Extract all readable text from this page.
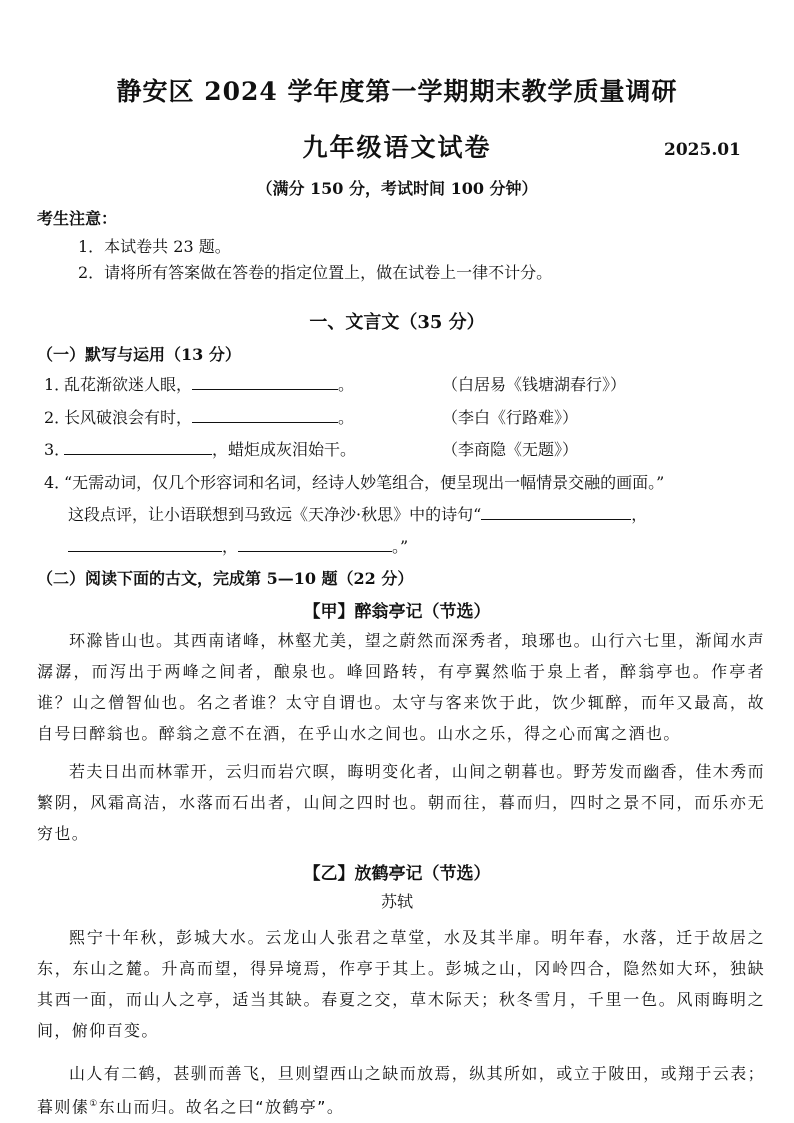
静安区 2024 学年度第一学期期末教学质量调研
九年级语文试卷	2025.01
（满分 150 分，考试时间 100 分钟）
考生注意：
1．本试卷共 23 题。
2．请将所有答案做在答卷的指定位置上，做在试卷上一律不计分。
一、文言文（35 分）
（一）默写与运用（13 分）
1．乱花渐欲迷人眼，	。	（白居易《钱塘湖春行》）
2．长风破浪会有时，	。	（李白《行路难》）
3．	，蜡炬成灰泪始干。	（李商隐《无题》）
4．“无需动词，仅几个形容词和名词，经诗人妙笔组合，便呈现出一幅情景交融的画面。”
这段点评，让小语联想到马致远《天净沙·秋思》中的诗句“	，
，	。”
（二）阅读下面的古文，完成第 5—10 题（22 分）
【甲】醉翁亭记（节选）
环滁皆山也。其西南诸峰，林壑尤美，望之蔚然而深秀者，琅琊也。山行六七里，渐闻水声潺潺，而泻出于两峰之间者，酿泉也。峰回路转，有亭翼然临于泉上者，醉翁亭也。作亭者谁？山之僧智仙也。名之者谁？太守自谓也。太守与客来饮于此，饮少辄醉，而年又最高，故自号曰醉翁也。醉翁之意不在酒，在乎山水之间也。山水之乐，得之心而寓之酒也。
若夫日出而林霏开，云归而岩穴暝，晦明变化者，山间之朝暮也。野芳发而幽香，佳木秀而繁阴，风霜高洁，水落而石出者，山间之四时也。朝而往，暮而归，四时之景不同，而乐亦无穷也。
【乙】放鹤亭记（节选）
苏轼
熙宁十年秋，彭城大水。云龙山人张君之草堂，水及其半扉。明年春，水落，迁于故居之东，东山之麓。升高而望，得异境焉，作亭于其上。彭城之山，冈岭四合，隐然如大环，独缺其西一面，而山人之亭，适当其缺。春夏之交，草木际天；秋冬雪月，千里一色。风雨晦明之间，俯仰百变。
山人有二鹤，甚驯而善飞，旦则望西山之缺而放焉，纵其所如，或立于陂田，或翔于云表；暮则傃①东山而归。故名之曰“放鹤亭”。
